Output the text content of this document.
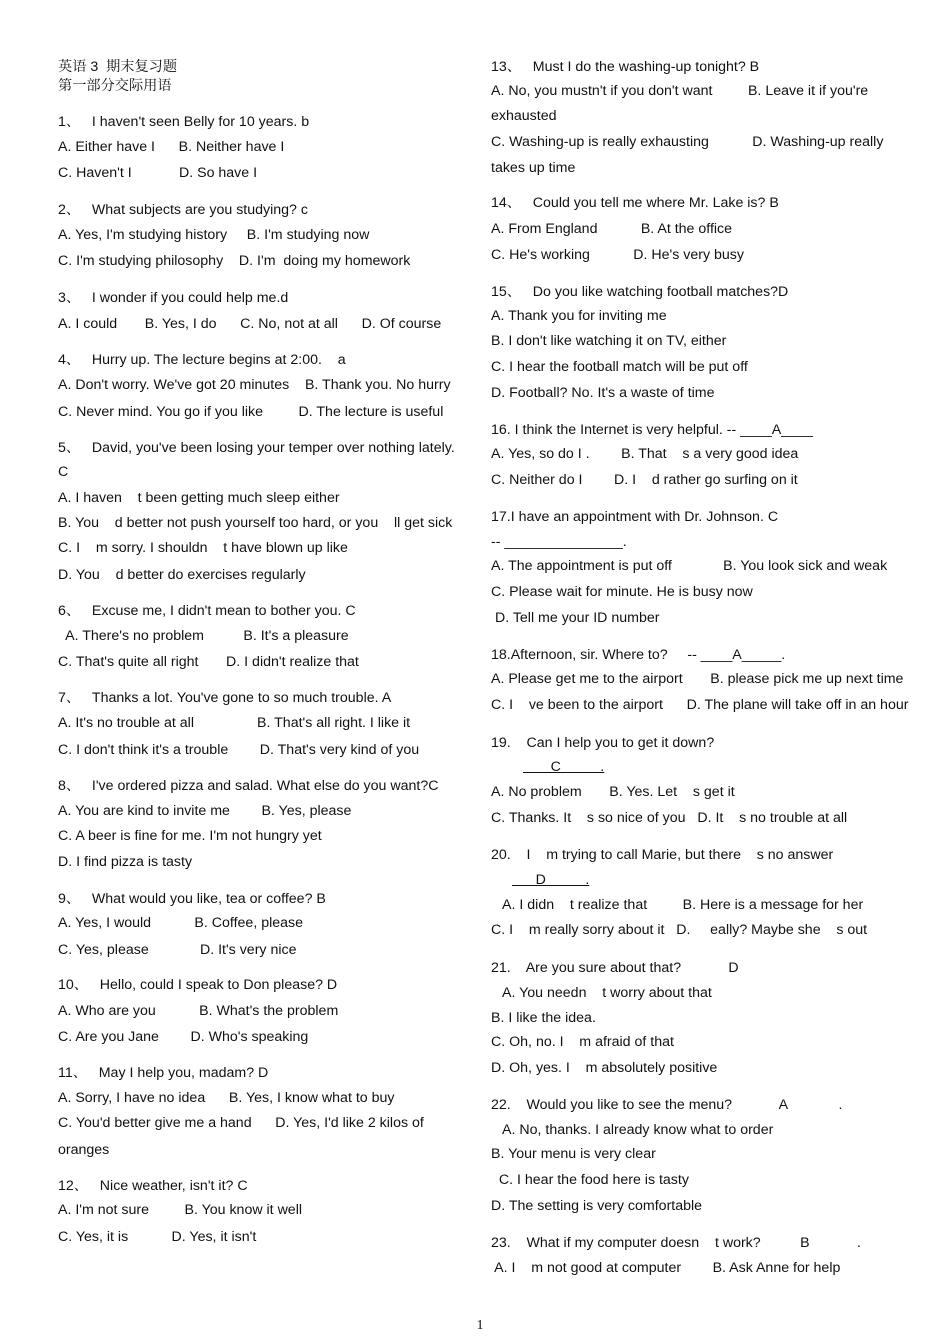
英语 3  期末复习题
第一部分交际用语
1、   I haven't seen Belly for 10 years. b
A. Either have I      B. Neither have I
C. Haven't I            D. So have I
2、   What subjects are you studying? c
A. Yes, I'm studying history     B. I'm studying now
C. I'm studying philosophy    D. I'm  doing my homework
3、   I wonder if you could help me.d
A. I could       B. Yes, I do      C. No, not at all      D. Of course
4、   Hurry up. The lecture begins at 2:00.    a
A. Don't worry. We've got 20 minutes    B. Thank you. No hurry
C. Never mind. You go if you like         D. The lecture is useful
5、   David, you've been losing your temper over nothing lately.
C
A. I haven    t been getting much sleep either
B. You    d better not push yourself too hard, or you    ll get sick
C. I    m sorry. I shouldn    t have blown up like
D. You    d better do exercises regularly
6、   Excuse me, I didn't mean to bother you. C
A. There's no problem          B. It's a pleasure
C. That's quite all right       D. I didn't realize that
7、   Thanks a lot. You've gone to so much trouble. A
A. It's no trouble at all                B. That's all right. I like it
C. I don't think it's a trouble        D. That's very kind of you
8、   I've ordered pizza and salad. What else do you want?C
A. You are kind to invite me        B. Yes, please
C. A beer is fine for me. I'm not hungry yet
D. I find pizza is tasty
9、   What would you like, tea or coffee? B
A. Yes, I would           B. Coffee, please
C. Yes, please             D. It's very nice
10、   Hello, could I speak to Don please? D
A. Who are you           B. What's the problem
C. Are you Jane        D. Who's speaking
11、   May I help you, madam? D
A. Sorry, I have no idea      B. Yes, I know what to buy
C. You'd better give me a hand      D. Yes, I'd like 2 kilos of
oranges
12、   Nice weather, isn't it? C
A. I'm not sure         B. You know it well
C. Yes, it is           D. Yes, it isn't
13、   Must I do the washing-up tonight? B
A. No, you mustn't if you don't want         B. Leave it if you're
exhausted
C. Washing-up is really exhausting           D. Washing-up really
takes up time
14、   Could you tell me where Mr. Lake is? B
A. From England           B. At the office
C. He's working           D. He's very busy
15、   Do you like watching football matches?D
A. Thank you for inviting me
B. I don't like watching it on TV, either
C. I hear the football match will be put off
D. Football? No. It's a waste of time
16. I think the Internet is very helpful. -- ____A____
A. Yes, so do I .        B. That    s a very good idea
C. Neither do I        D. I    d rather go surfing on it
17.I have an appointment with Dr. Johnson. C
-- _______________.
A. The appointment is put off             B. You look sick and weak
C. Please wait for minute. He is busy now
D. Tell me your ID number
18.Afternoon, sir. Where to?     -- ____A_____.
A. Please get me to the airport       B. please pick me up next time
C. I    ve been to the airport      D. The plane will take off in an hour
19.    Can I help you to get it down?
C          .
A. No problem       B. Yes. Let    s get it
C. Thanks. It    s so nice of you   D. It    s no trouble at all
20.    I    m trying to call Marie, but there    s no answer
D          .
A. I didn    t realize that         B. Here is a message for her
C. I    m really sorry about it   D.     eally? Maybe she    s out
21.    Are you sure about that?            D
A. You needn    t worry about that
B. I like the idea.
C. Oh, no. I    m afraid of that
D. Oh, yes. I    m absolutely positive
22.    Would you like to see the menu?            A             .
A. No, thanks. I already know what to order
B. Your menu is very clear
C. I hear the food here is tasty
D. The setting is very comfortable
23.    What if my computer doesn    t work?          B            .
A. I    m not good at computer        B. Ask Anne for help
1
